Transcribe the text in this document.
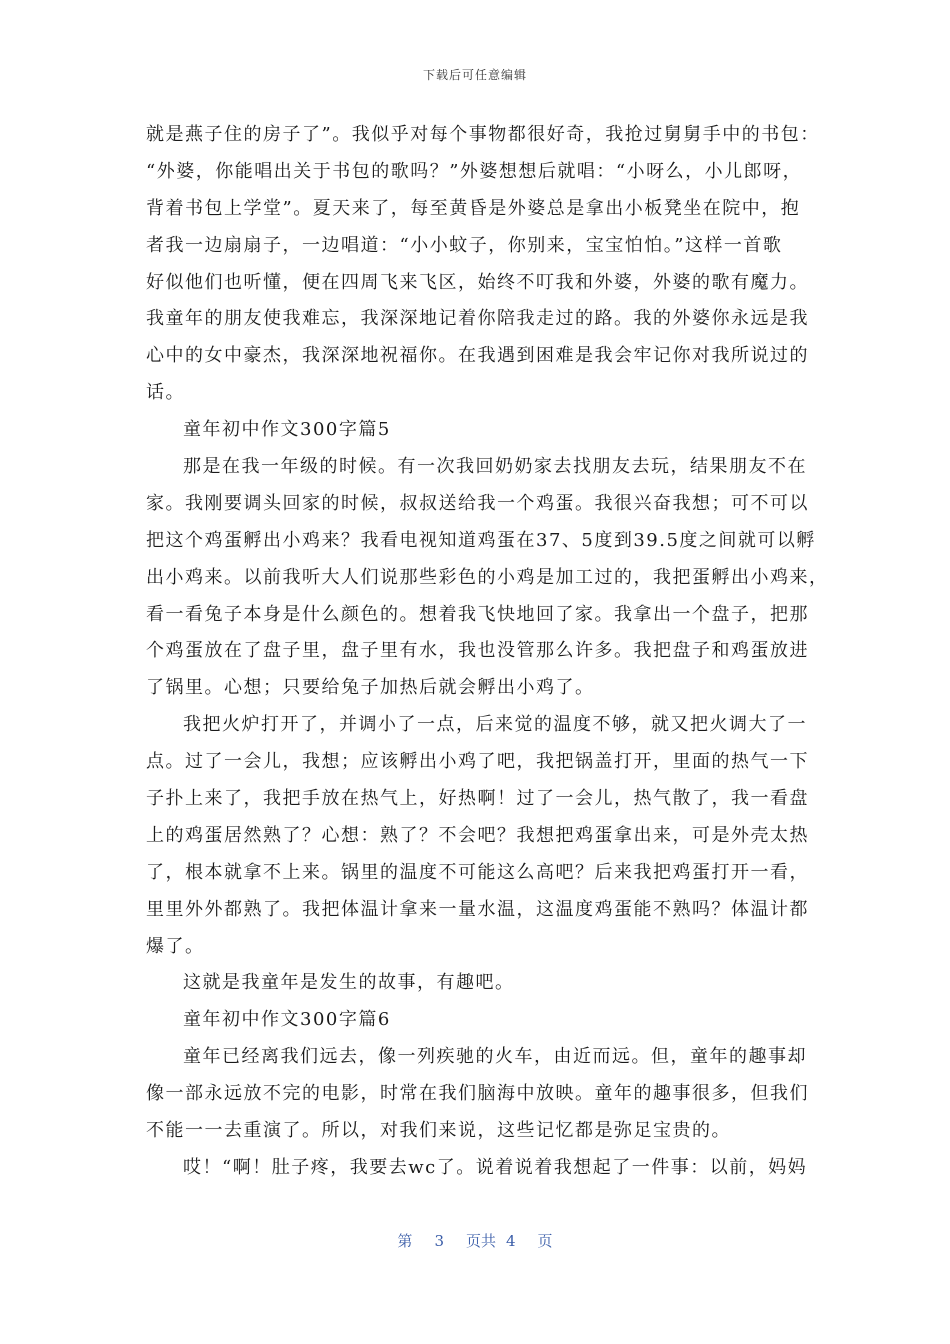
下载后可任意编辑
就是燕子住的房子了”。我似乎对每个事物都很好奇，我抢过舅舅手中的书包：
“外婆，你能唱出关于书包的歌吗？”外婆想想后就唱：“小呀么，小儿郎呀，
背着书包上学堂”。夏天来了，每至黄昏是外婆总是拿出小板凳坐在院中，抱
者我一边扇扇子，一边唱道：“小小蚊子，你别来，宝宝怕怕。”这样一首歌
好似他们也听懂，便在四周飞来飞区，始终不叮我和外婆，外婆的歌有魔力。
我童年的朋友使我难忘，我深深地记着你陪我走过的路。我的外婆你永远是我
心中的女中豪杰，我深深地祝福你。在我遇到困难是我会牢记你对我所说过的
话。
童年初中作文300字篇5
那是在我一年级的时候。有一次我回奶奶家去找朋友去玩，结果朋友不在
家。我刚要调头回家的时候，叔叔送给我一个鸡蛋。我很兴奋我想；可不可以
把这个鸡蛋孵出小鸡来？我看电视知道鸡蛋在37、5度到39.5度之间就可以孵
出小鸡来。以前我听大人们说那些彩色的小鸡是加工过的，我把蛋孵出小鸡来，
看一看兔子本身是什么颜色的。想着我飞快地回了家。我拿出一个盘子，把那
个鸡蛋放在了盘子里，盘子里有水，我也没管那么许多。我把盘子和鸡蛋放进
了锅里。心想；只要给兔子加热后就会孵出小鸡了。
我把火炉打开了，并调小了一点，后来觉的温度不够，就又把火调大了一
点。过了一会儿，我想；应该孵出小鸡了吧，我把锅盖打开，里面的热气一下
子扑上来了，我把手放在热气上，好热啊！过了一会儿，热气散了，我一看盘
上的鸡蛋居然熟了？心想：熟了？不会吧？我想把鸡蛋拿出来，可是外壳太热
了，根本就拿不上来。锅里的温度不可能这么高吧？后来我把鸡蛋打开一看，
里里外外都熟了。我把体温计拿来一量水温，这温度鸡蛋能不熟吗？体温计都
爆了。
这就是我童年是发生的故事，有趣吧。
童年初中作文300字篇6
童年已经离我们远去，像一列疾驰的火车，由近而远。但，童年的趣事却
像一部永远放不完的电影，时常在我们脑海中放映。童年的趣事很多，但我们
不能一一去重演了。所以，对我们来说，这些记忆都是弥足宝贵的。
哎！“啊！肚子疼，我要去wc了。说着说着我想起了一件事：以前，妈妈
第 3 页共 4 页
